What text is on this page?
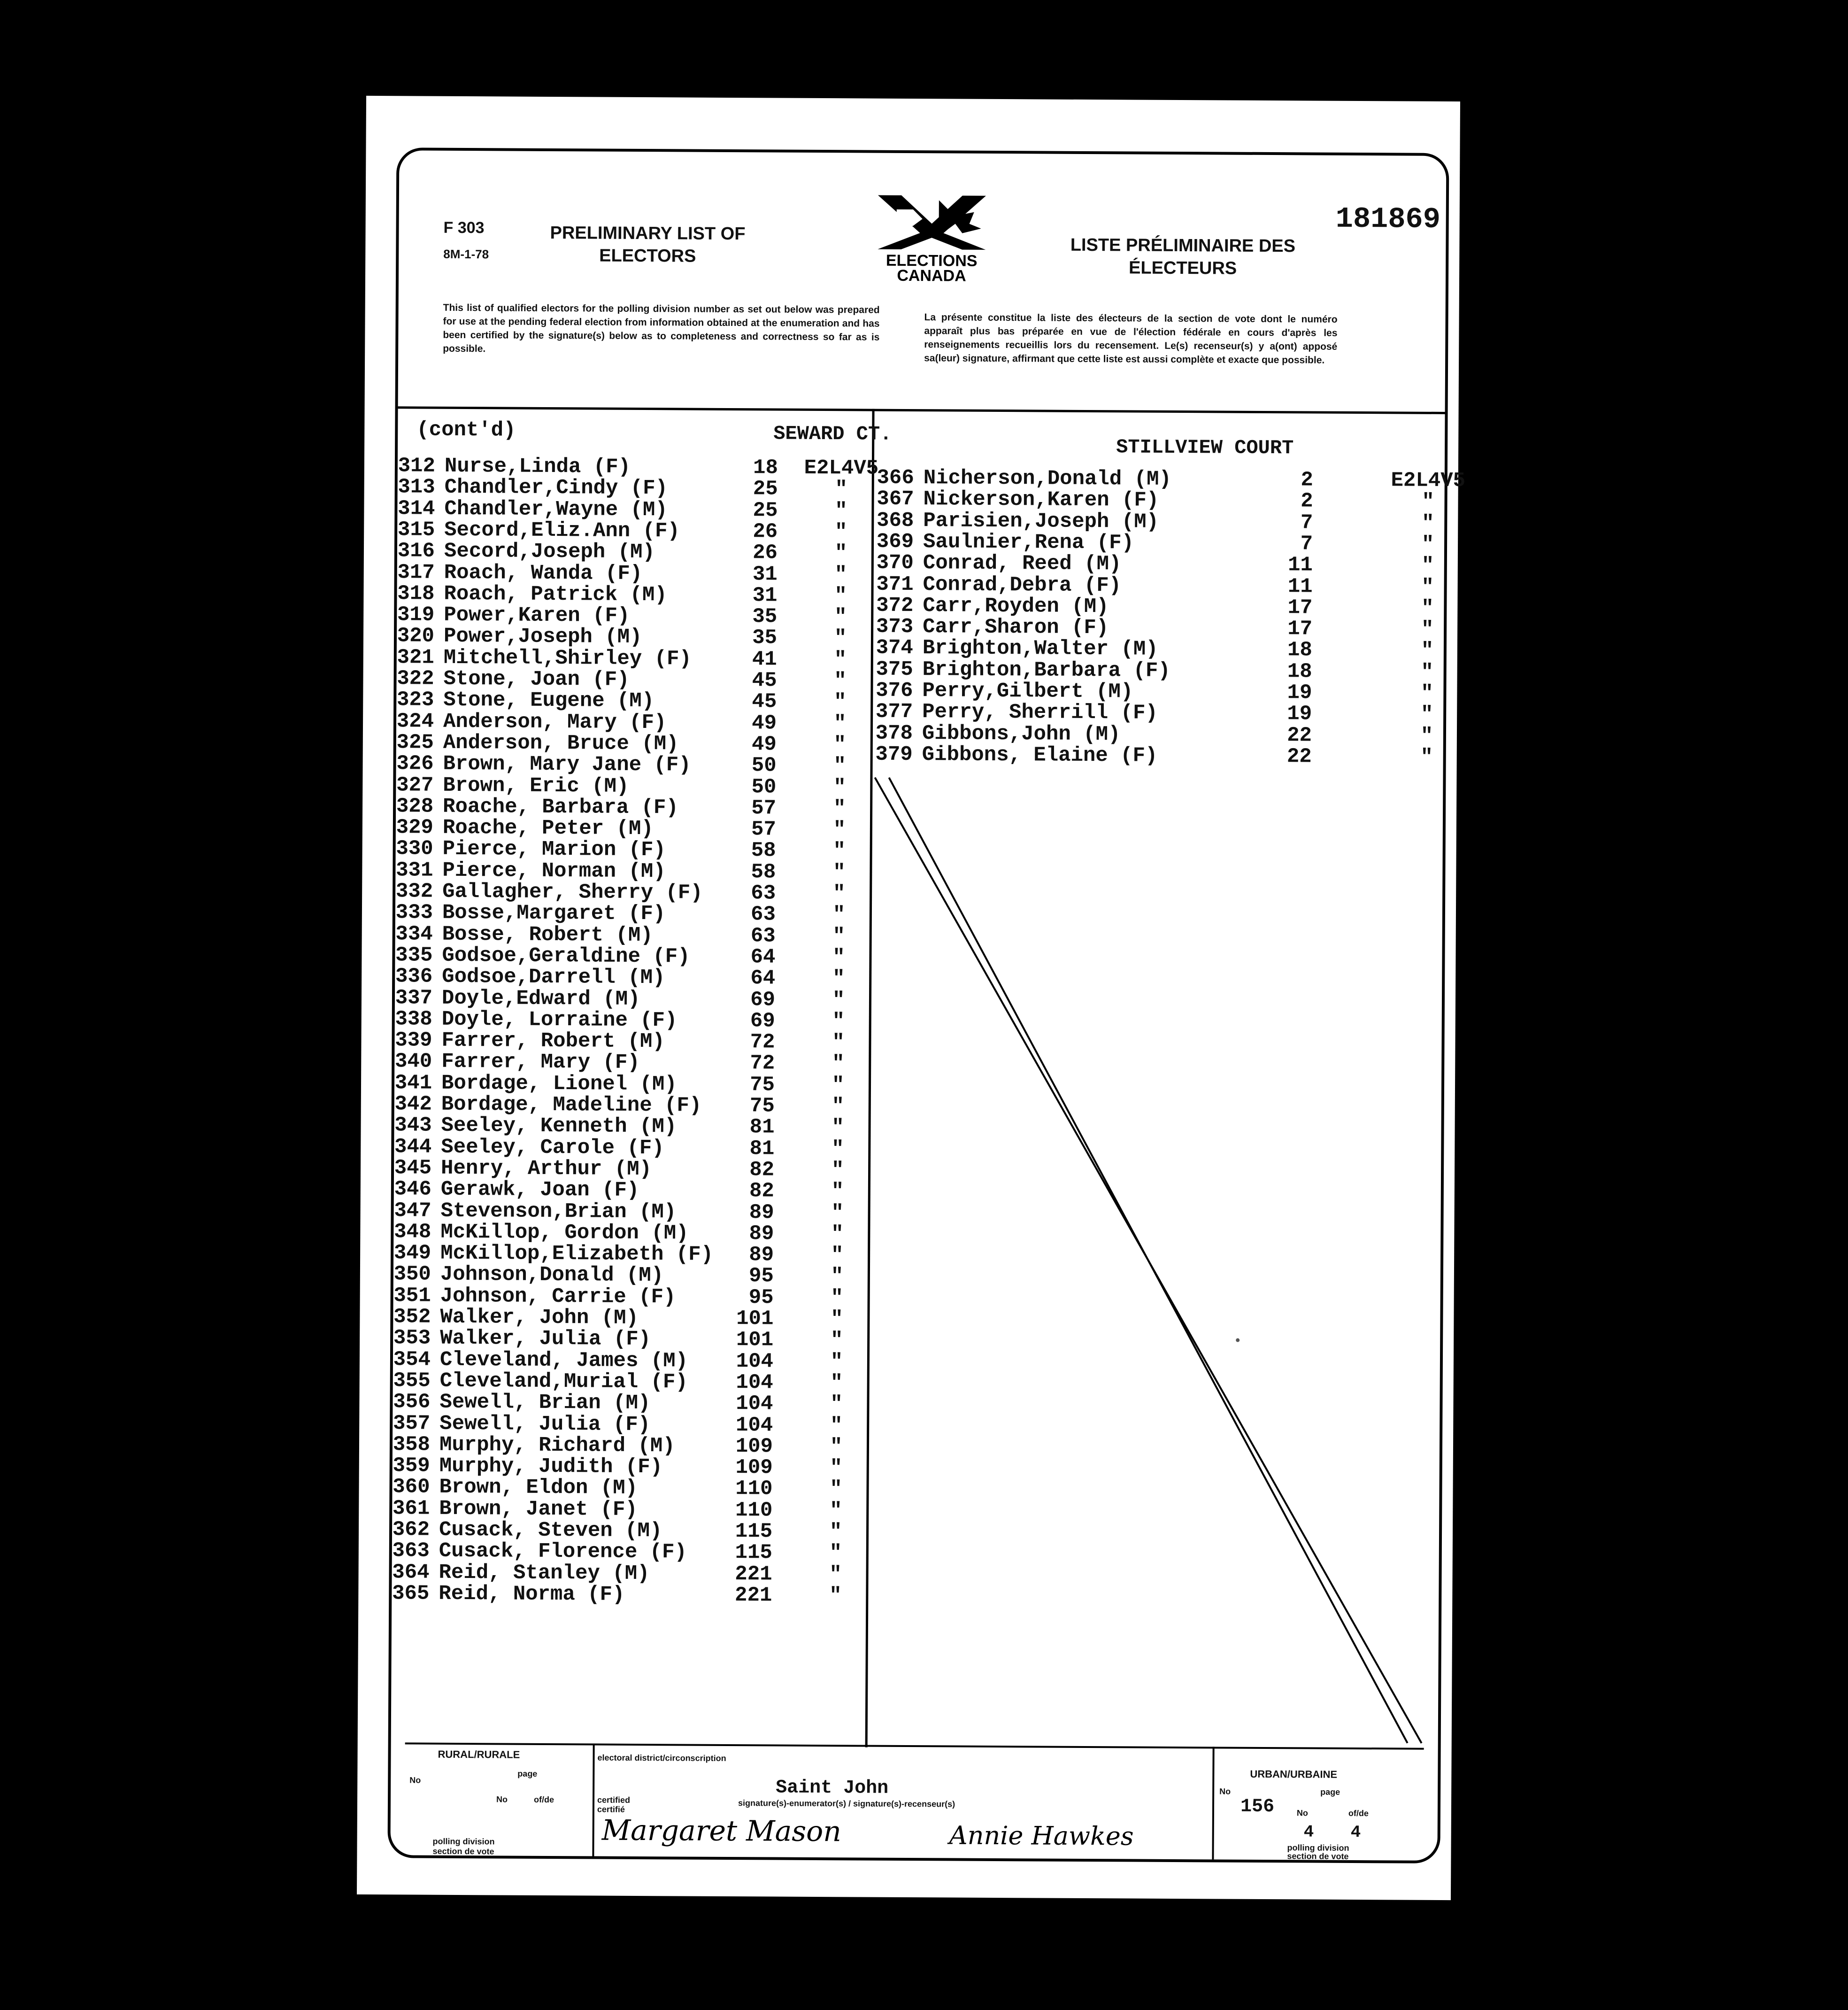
F 303
8M-1-78
PRELIMINARY LIST OF ELECTORS	ELECTIONS
CANADA
LISTE PRÉLIMINAIRE DES ÉLECTEURS
181869
This list of qualified electors for the polling division number as set out below was prepared for use at the pending federal election from information obtained at the enumeration and has been certified by the signature(s) below as to completeness and correctness so far as is possible.
La présente constitue la liste des électeurs de la section de vote dont le numéro apparaît plus bas préparée en vue de l'élection fédérale en cours d'après les renseignements recueillis lors du recensement. Le(s) recenseur(s) y a(ont) apposé sa(leur) signature, affirmant que cette liste est aussi complète et exacte que possible.
(cont'd)	SEWARD CT.
STILLVIEW COURT
312 Nurse,Linda (F)	18 E2L4V5
313 Chandler,Cindy (F)	25	"
314 Chandler,Wayne (M)	25	"
315 Secord,Eliz.Ann (F)	26	"
316 Secord,Joseph (M)	26	"
317 Roach, Wanda (F)	31	"
318 Roach, Patrick (M)	31	"
319 Power,Karen (F)	35	"
320 Power,Joseph (M)	35	"
321 Mitchell,Shirley (F)	41	"
322 Stone, Joan (F)	45	"
323 Stone, Eugene (M)	45	"
324 Anderson, Mary (F)	49	"
325 Anderson, Bruce (M)	49	"
326 Brown, Mary Jane (F)	50	"
327 Brown, Eric (M)	50	"
328 Roache, Barbara (F)	57	"
329 Roache, Peter (M)	57	"
330 Pierce, Marion (F)	58	"
331 Pierce, Norman (M)	58	"
332 Gallagher, Sherry (F)	63	"
333 Bosse,Margaret (F)	63	"
334 Bosse, Robert (M)	63	"
335 Godsoe,Geraldine (F)	64	"
336 Godsoe,Darrell (M)	64	"
337 Doyle,Edward (M)	69	"
338 Doyle, Lorraine (F)	69	"
339 Farrer, Robert (M)	72	"
340 Farrer, Mary (F)	72	"
341 Bordage, Lionel (M)	75	"
342 Bordage, Madeline (F)	75	"
343 Seeley, Kenneth (M)	81	"
344 Seeley, Carole (F)	81	"
345 Henry, Arthur (M)	82	"
346 Gerawk, Joan (F)	82	"
347 Stevenson,Brian (M)	89	"
348 McKillop, Gordon (M)	89	"
349 McKillop,Elizabeth (F)	89	"
350 Johnson,Donald (M)	95	"
351 Johnson, Carrie (F)	95	"
352 Walker, John (M)	101	"
353 Walker, Julia (F)	101	"
354 Cleveland, James (M) 104	"
355 Cleveland,Murial (F) 104	"
356 Sewell, Brian (M)	104	"
357 Sewell, Julia (F)	104	"
358 Murphy, Richard (M)	109	"
359 Murphy, Judith (F)	109	"
360 Brown, Eldon (M)	110	"
361 Brown, Janet (F)	110	"
362 Cusack, Steven (M)	115	"
363 Cusack, Florence (F) 115	"
364 Reid, Stanley (M)	221	"
365 Reid, Norma (F)	221	"
366 Nicherson,Donald (M)	2	E2L4V5
367 Nickerson,Karen (F)	2	"
368 Parisien,Joseph (M)	7	"
369 Saulnier,Rena (F)	7	"
370 Conrad, Reed (M)	11	"
371 Conrad,Debra (F)	11	"
372 Carr,Royden (M)	17	"
373 Carr,Sharon (F)	17	"
374 Brighton,Walter (M)	18	"
375 Brighton,Barbara (F)	18	"
376 Perry,Gilbert (M)	19	"
377 Perry, Sherrill (F)	19	"
378 Gibbons,John (M)	22	"
379 Gibbons, Elaine (F)	22	"
RURAL/RURALE
No
page
No	of/de
polling division
section de vote
electoral district/circonscription
Saint John
certified
certifié
signature(s)-enumerator(s) / signature(s)-recenseur(s)
Margaret Mason	Annie Hawkes
URBAN/URBAINE
No
156
page
No	of/de
4 4
polling division
section de vote
